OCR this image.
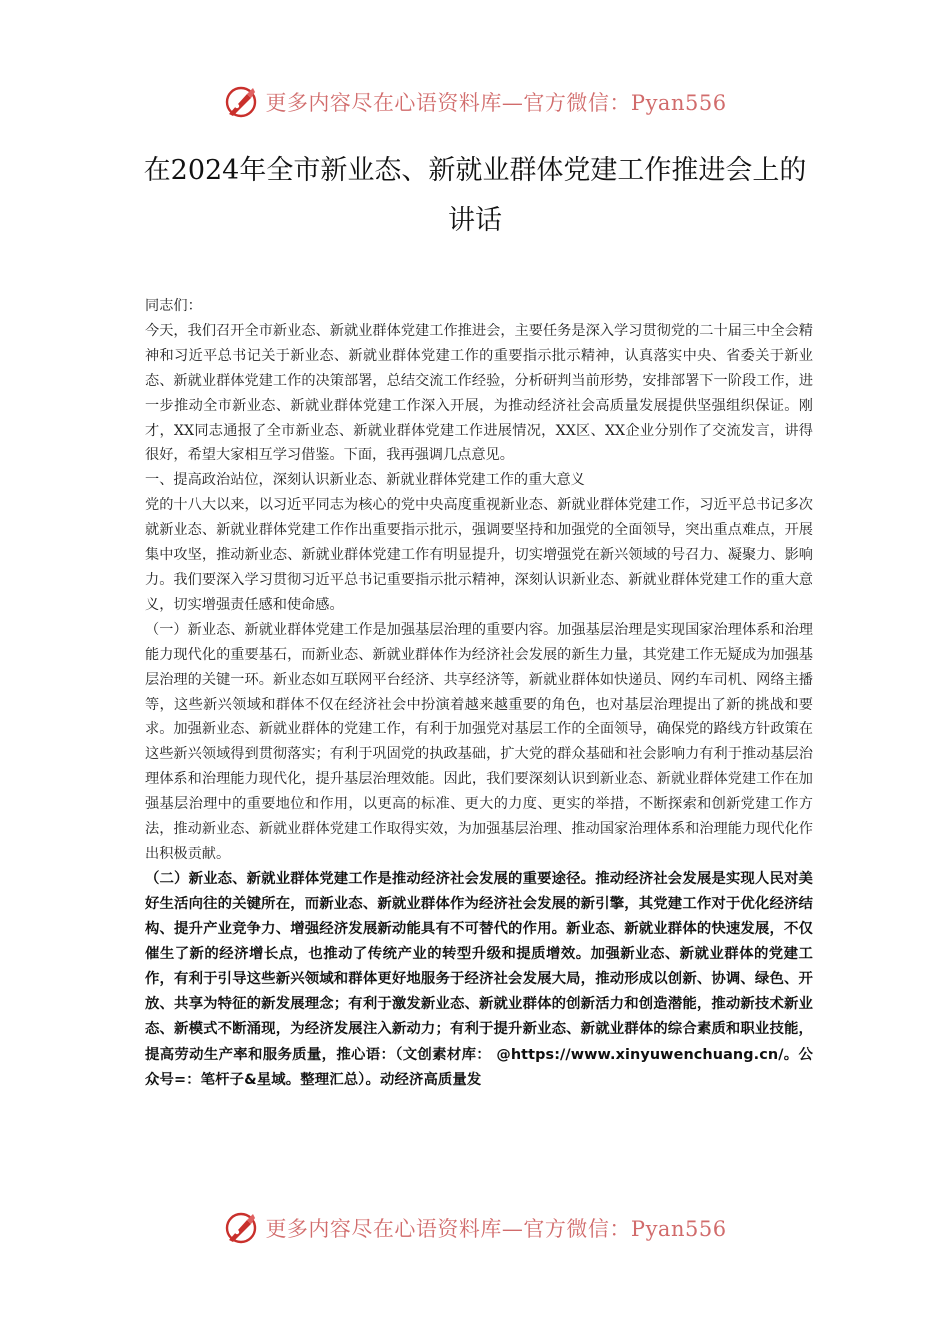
更多内容尽在心语资料库—官方微信：Pyan556
在2024年全市新业态、新就业群体党建工作推进会上的讲话

同志们：

今天，我们召开全市新业态、新就业群体党建工作推进会，主要任务是深入学习贯彻党的二十届三中全会精神和习近平总书记关于新业态、新就业群体党建工作的重要指示批示精神，认真落实中央、省委关于新业态、新就业群体党建工作的决策部署，总结交流工作经验，分析研判当前形势，安排部署下一阶段工作，进一步推动全市新业态、新就业群体党建工作深入开展，为推动经济社会高质量发展提供坚强组织保证。刚才，XX同志通报了全市新业态、新就业群体党建工作进展情况，XX区、XX企业分别作了交流发言，讲得很好，希望大家相互学习借鉴。下面，我再强调几点意见。

一、提高政治站位，深刻认识新业态、新就业群体党建工作的重大意义

党的十八大以来，以习近平同志为核心的党中央高度重视新业态、新就业群体党建工作，习近平总书记多次就新业态、新就业群体党建工作作出重要指示批示，强调要坚持和加强党的全面领导，突出重点难点，开展集中攻坚，推动新业态、新就业群体党建工作有明显提升，切实增强党在新兴领域的号召力、凝聚力、影响力。我们要深入学习贯彻习近平总书记重要指示批示精神，深刻认识新业态、新就业群体党建工作的重大意义，切实增强责任感和使命感。

（一）新业态、新就业群体党建工作是加强基层治理的重要内容。加强基层治理是实现国家治理体系和治理能力现代化的重要基石，而新业态、新就业群体作为经济社会发展的新生力量，其党建工作无疑成为加强基层治理的关键一环。新业态如互联网平台经济、共享经济等，新就业群体如快递员、网约车司机、网络主播等，这些新兴领域和群体不仅在经济社会中扮演着越来越重要的角色，也对基层治理提出了新的挑战和要求。加强新业态、新就业群体的党建工作，有利于加强党对基层工作的全面领导，确保党的路线方针政策在这些新兴领域得到贯彻落实；有利于巩固党的执政基础，扩大党的群众基础和社会影响力有利于推动基层治理体系和治理能力现代化，提升基层治理效能。因此，我们要深刻认识到新业态、新就业群体党建工作在加强基层治理中的重要地位和作用，以更高的标准、更大的力度、更实的举措，不断探索和创新党建工作方法，推动新业态、新就业群体党建工作取得实效，为加强基层治理、推动国家治理体系和治理能力现代化作出积极贡献。

（二）新业态、新就业群体党建工作是推动经济社会发展的重要途径。推动经济社会发展是实现人民对美好生活向往的关键所在，而新业态、新就业群体作为经济社会发展的新引擎，其党建工作对于优化经济结构、提升产业竞争力、增强经济发展新动能具有不可替代的作用。新业态、新就业群体的快速发展，不仅催生了新的经济增长点，也推动了传统产业的转型升级和提质增效。加强新业态、新就业群体的党建工作，有利于引导这些新兴领域和群体更好地服务于经济社会发展大局，推动形成以创新、协调、绿色、开放、共享为特征的新发展理念；有利于激发新业态、新就业群体的创新活力和创造潜能，推动新技术新业态、新模式不断涌现，为经济发展注入新动力；有利于提升新业态、新就业群体的综合素质和职业技能，提高劳动生产率和服务质量，推心语：（文创素材库： @https://www.xinyuwenchuang.cn/。公众号=：笔杆子&星域。整理汇总）。动经济高质量发

更多内容尽在心语资料库—官方微信：Pyan556
